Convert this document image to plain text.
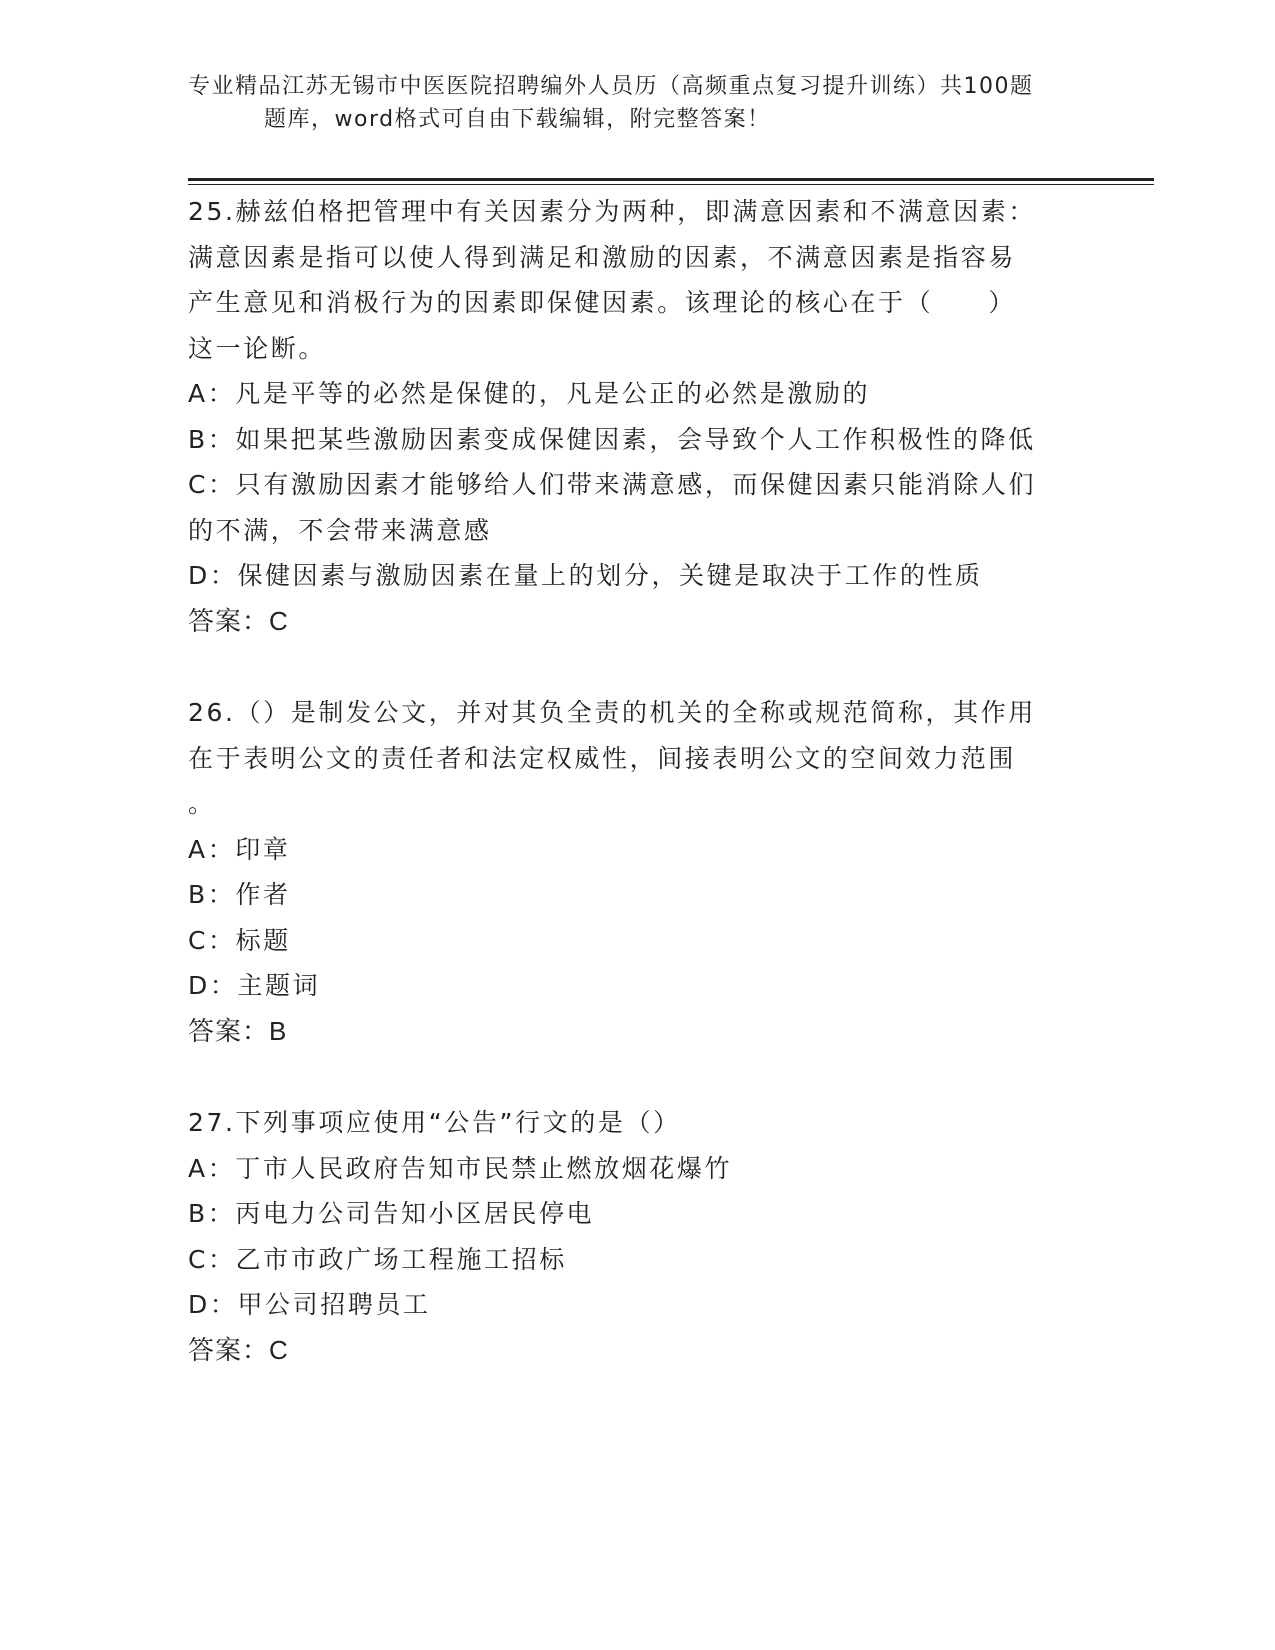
专业精品江苏无锡市中医医院招聘编外人员历（高频重点复习提升训练）共100题
题库，word格式可自由下载编辑，附完整答案！
25.赫兹伯格把管理中有关因素分为两种，即满意因素和不满意因素：
满意因素是指可以使人得到满足和激励的因素，不满意因素是指容易
产生意见和消极行为的因素即保健因素。该理论的核心在于（　　）
这一论断。
A：凡是平等的必然是保健的，凡是公正的必然是激励的
B：如果把某些激励因素变成保健因素，会导致个人工作积极性的降低
C：只有激励因素才能够给人们带来满意感，而保健因素只能消除人们
的不满，不会带来满意感
D：保健因素与激励因素在量上的划分，关键是取决于工作的性质
答案：C
26.（）是制发公文，并对其负全责的机关的全称或规范简称，其作用
在于表明公文的责任者和法定权威性，间接表明公文的空间效力范围
。
A：印章
B：作者
C：标题
D：主题词
答案：B
27.下列事项应使用“公告”行文的是（）
A：丁市人民政府告知市民禁止燃放烟花爆竹
B：丙电力公司告知小区居民停电
C：乙市市政广场工程施工招标
D：甲公司招聘员工
答案：C
